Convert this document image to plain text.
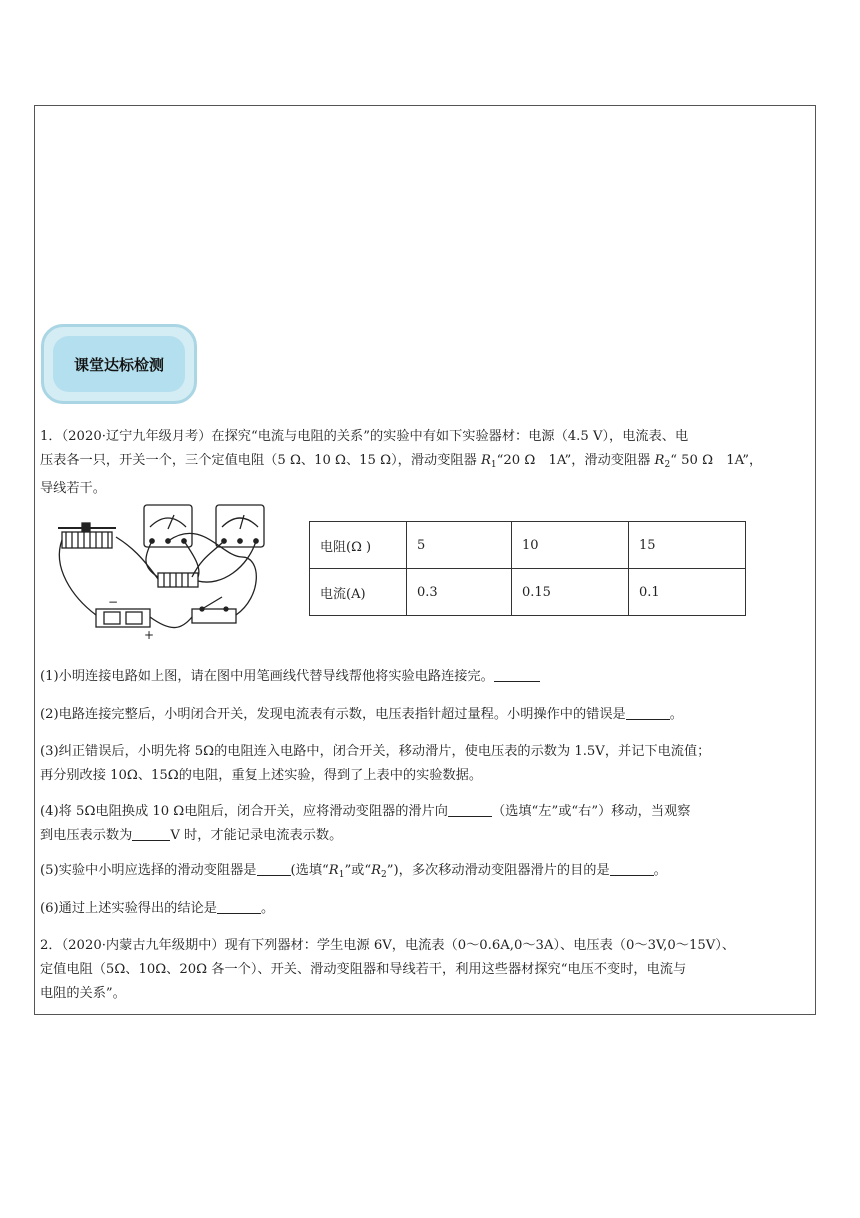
课堂达标检测
1．（2020·辽宁九年级月考）在探究“电流与电阻的关系”的实验中有如下实验器材：电源（4.5 V），电流表、电
压表各一只，开关一个，三个定值电阻（5 Ω、10 Ω、15 Ω），滑动变阻器 $R_1“20$ Ω　1A”，滑动变阻器 $R_2“$ 50 Ω　1A”，
导线若干。
−
+
电阻(Ω )	5	10	15
电流(A)	0.3	0.15	0.1
(1)小明连接电路如上图，请在图中用笔画线代替导线帮他将实验电路连接完。
(2)电路连接完整后，小明闭合开关，发现电流表有示数，电压表指针超过量程。小明操作中的错误是	。
(3)纠正错误后，小明先将 5Ω的电阻连入电路中，闭合开关，移动滑片，使电压表的示数为 1.5V，并记下电流值；
再分别改接 10Ω、15Ω的电阻，重复上述实验，得到了上表中的实验数据。
(4)将 5Ω电阻换成 10 Ω电阻后，闭合开关，应将滑动变阻器的滑片向	（选填“左”或“右”）移动，当观察
到电压表示数为	V 时，才能记录电流表示数。
(5)实验中小明应选择的滑动变阻器是	(选填“$R_1$”或“$R_2$”)，多次移动滑动变阻器滑片的目的是	。
(6)通过上述实验得出的结论是	。
2．（2020·内蒙古九年级期中）现有下列器材：学生电源 6V，电流表（0～0.6A,0～3A）、电压表（0～3V,0～15V）、
定值电阻（5Ω、10Ω、20Ω 各一个）、开关、滑动变阻器和导线若干，利用这些器材探究“电压不变时，电流与
电阻的关系”。
